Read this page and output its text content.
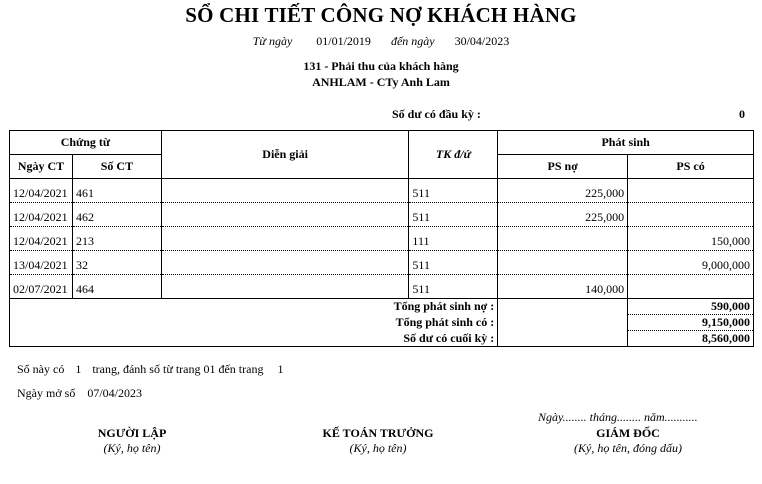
SỔ CHI TIẾT CÔNG NỢ KHÁCH HÀNG
Từ ngày 01/01/2019 đến ngày 30/04/2023
131 - Phải thu của khách hàng
ANHLAM - CTy Anh Lam
Số dư có đầu kỳ :	0
Chứng từ		Diễn giải	TK đ/ứ	Phát sinh	
Ngày CT	Số CT			PS nợ	PS có
12/04/2021	461		511	225,000	
12/04/2021	462		511	225,000	
12/04/2021	213		111		150,000
13/04/2021	32		511		9,000,000
02/07/2021	464		511	140,000	
Tổng phát sinh nợ :					590,000
Tổng phát sinh có :					9,150,000
Số dư có cuối kỳ :					8,560,000
Sổ này có 1 trang, đánh số từ trang 01 đến trang 1
Ngày mở sổ 07/04/2023
Ngày........ tháng........ năm...........
NGƯỜI LẬP
(Ký, họ tên)
KẾ TOÁN TRƯỞNG
(Ký, họ tên)
GIÁM ĐỐC
(Ký, họ tên, đóng dấu)
